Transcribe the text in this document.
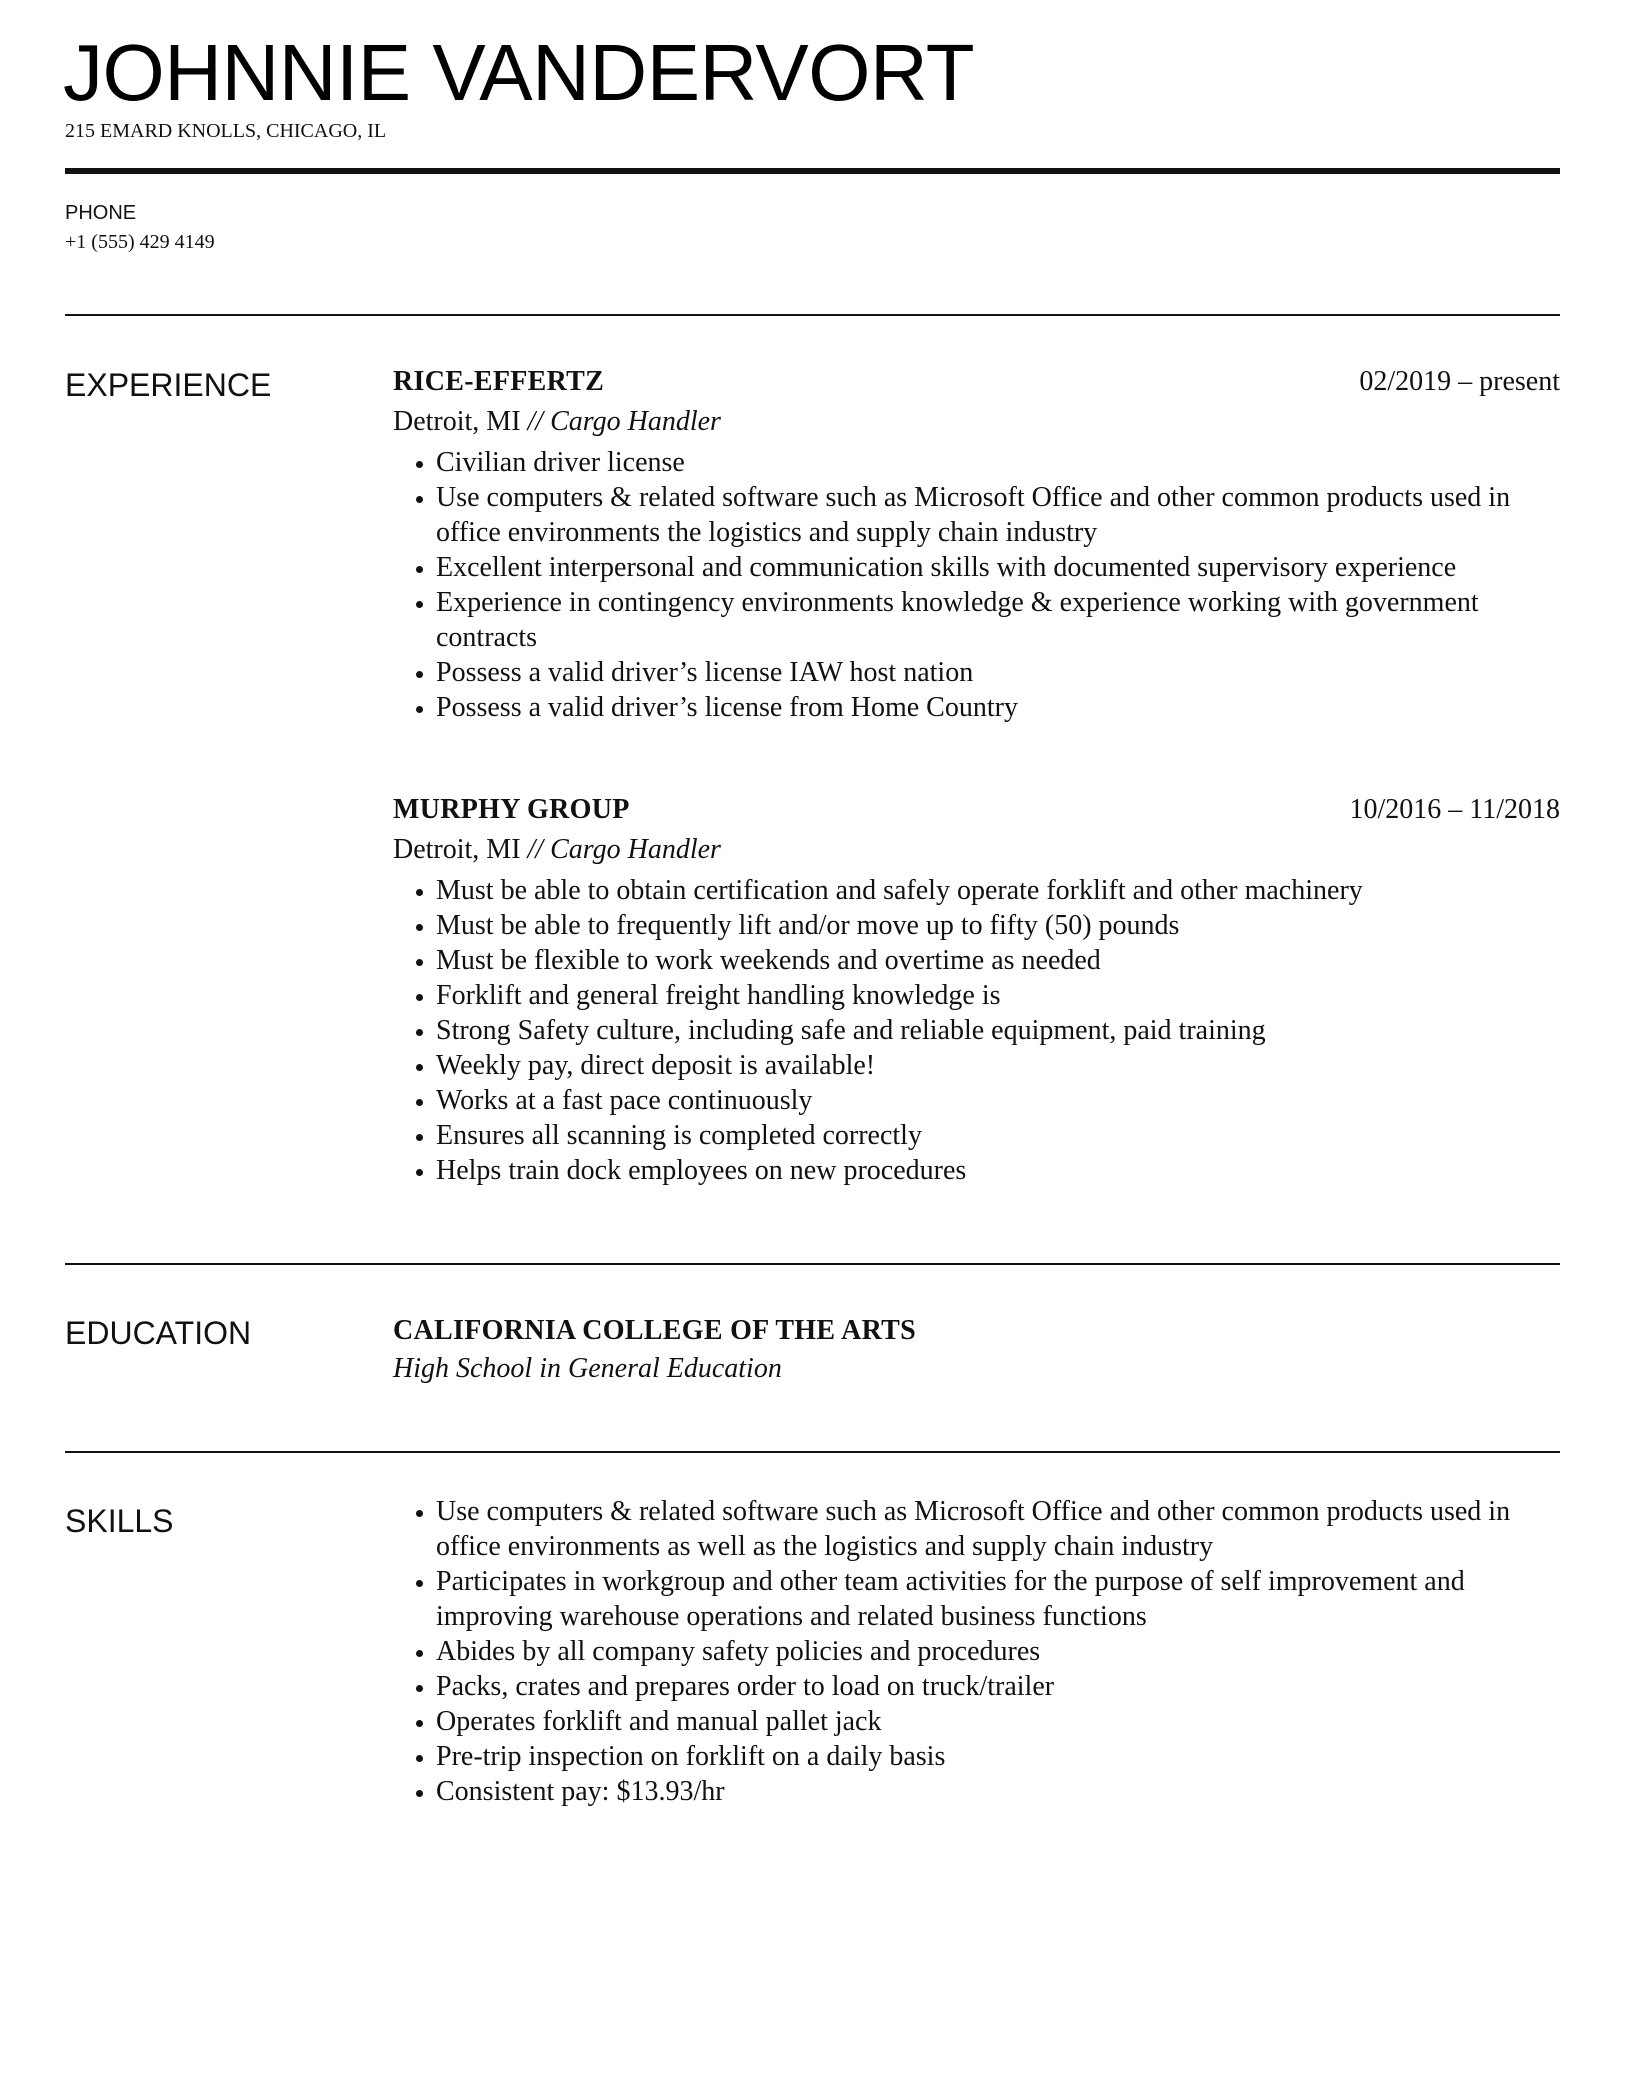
JOHNNIE VANDERVORT
215 EMARD KNOLLS, CHICAGO, IL
PHONE
+1 (555) 429 4149
EXPERIENCE	RICE-EFFERTZ	02/2019 – present
Detroit, MI // Cargo Handler
• Civilian driver license
• Use computers & related software such as Microsoft Office and other common products used in office environments the logistics and supply chain industry
• Excellent interpersonal and communication skills with documented supervisory experience
• Experience in contingency environments knowledge & experience working with government contracts
• Possess a valid driver’s license IAW host nation
• Possess a valid driver’s license from Home Country
MURPHY GROUP	10/2016 – 11/2018
Detroit, MI // Cargo Handler
• Must be able to obtain certification and safely operate forklift and other machinery
• Must be able to frequently lift and/or move up to fifty (50) pounds
• Must be flexible to work weekends and overtime as needed
• Forklift and general freight handling knowledge is
• Strong Safety culture, including safe and reliable equipment, paid training
• Weekly pay, direct deposit is available!
• Works at a fast pace continuously
• Ensures all scanning is completed correctly
• Helps train dock employees on new procedures
EDUCATION	CALIFORNIA COLLEGE OF THE ARTS
High School in General Education
SKILLS	• Use computers & related software such as Microsoft Office and other common products used in office environments as well as the logistics and supply chain industry
• Participates in workgroup and other team activities for the purpose of self improvement and improving warehouse operations and related business functions
• Abides by all company safety policies and procedures
• Packs, crates and prepares order to load on truck/trailer
• Operates forklift and manual pallet jack
• Pre-trip inspection on forklift on a daily basis
• Consistent pay: $13.93/hr
